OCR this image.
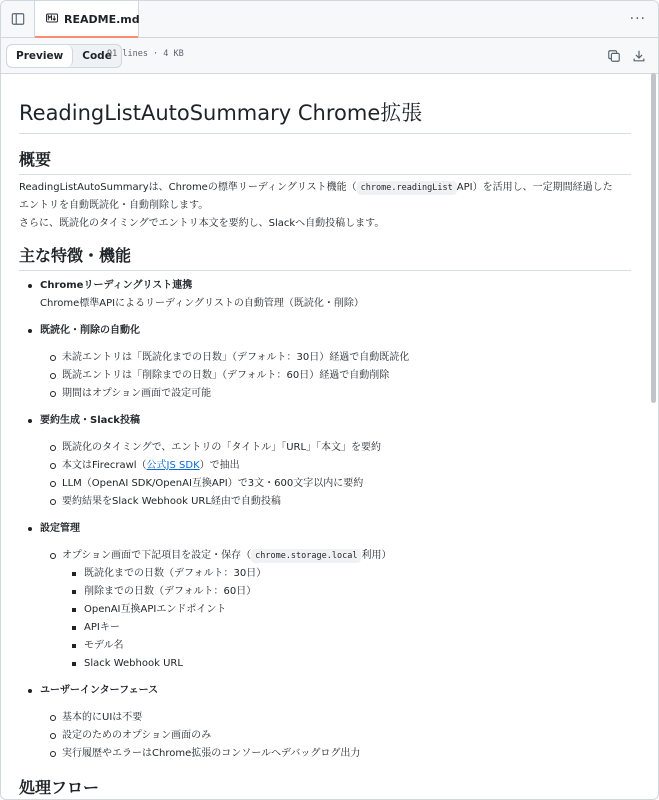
README.md	···
Preview	Code
91 lines · 4 KB
ReadingListAutoSummary Chrome拡張
概要

ReadingListAutoSummaryは、Chromeの標準リーディングリスト機能（ chrome.readingList API）を活用し、一定期間経過した
エントリを自動既読化・自動削除します。
さらに、既読化のタイミングでエントリ本文を要約し、Slackへ自動投稿します。

主な特徴・機能
Chromeリーディングリスト連携
Chrome標準APIによるリーディングリストの自動管理（既読化・削除）
既読化・削除の自動化
未読エントリは「既読化までの日数」（デフォルト：30日）経過で自動既読化
既読エントリは「削除までの日数」（デフォルト：60日）経過で自動削除
期間はオプション画面で設定可能
要約生成・Slack投稿
既読化のタイミングで、エントリの「タイトル」「URL」「本文」を要約
本文はFirecrawl（公式JS SDK）で抽出
LLM（OpenAI SDK/OpenAI互換API）で3文・600文字以内に要約
要約結果をSlack Webhook URL経由で自動投稿
設定管理
オプション画面で下記項目を設定・保存（ chrome.storage.local 利用）
既読化までの日数（デフォルト：30日）
削除までの日数（デフォルト：60日）
OpenAI互換APIエンドポイント
APIキー
モデル名
Slack Webhook URL
ユーザーインターフェース
基本的にUIは不要
設定のためのオプション画面のみ
実行履歴やエラーはChrome拡張のコンソールへデバッグログ出力
処理フロー
